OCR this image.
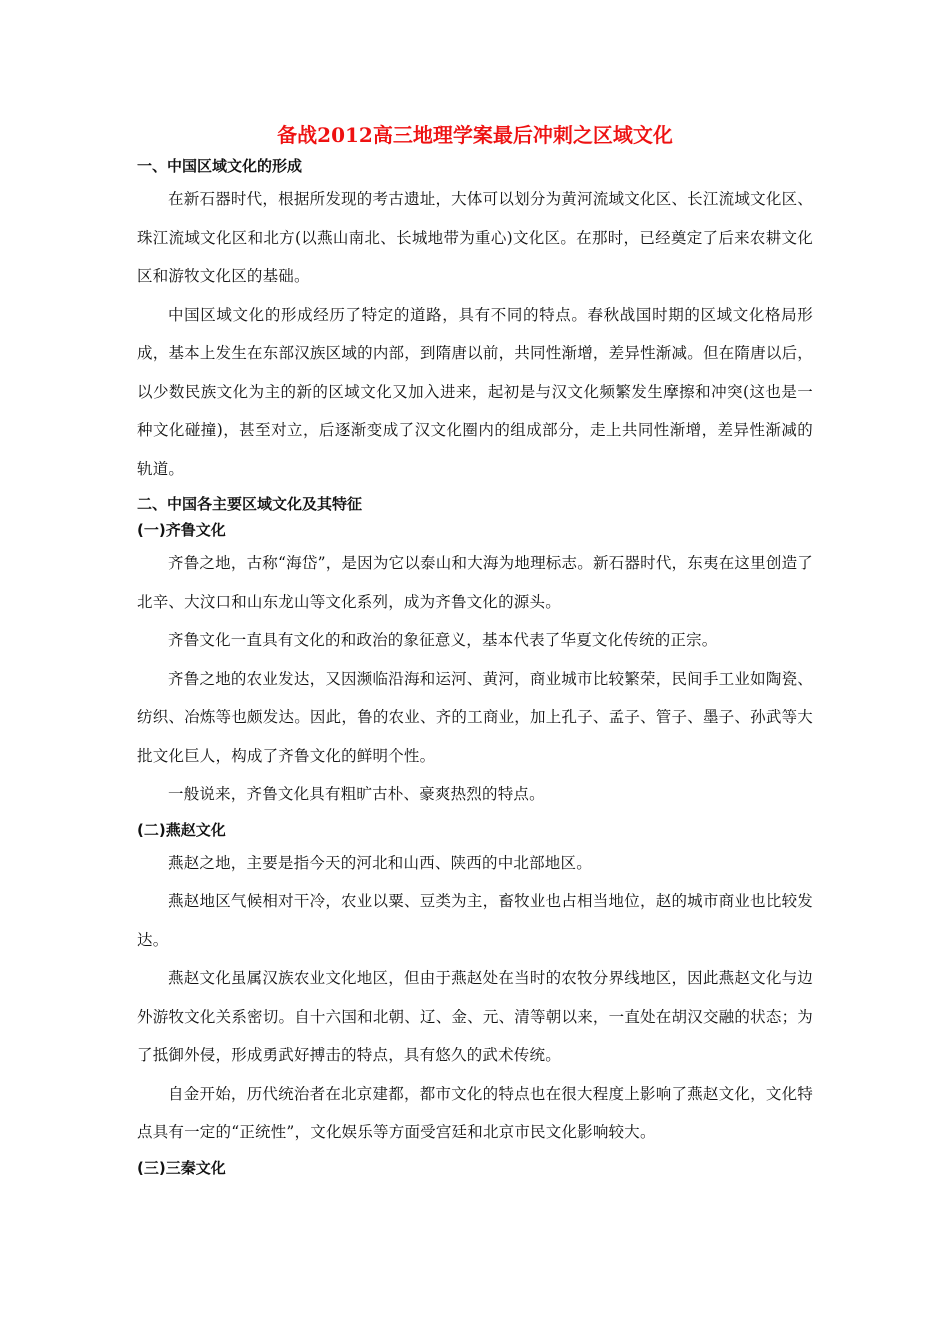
备战2012高三地理学案最后冲刺之区域文化
一、中国区域文化的形成

在新石器时代，根据所发现的考古遗址，大体可以划分为黄河流域文化区、长江流域文化区、珠江流域文化区和北方(以燕山南北、长城地带为重心)文化区。在那时，已经奠定了后来农耕文化区和游牧文化区的基础。

中国区域文化的形成经历了特定的道路，具有不同的特点。春秋战国时期的区域文化格局形成，基本上发生在东部汉族区域的内部，到隋唐以前，共同性渐增，差异性渐减。但在隋唐以后，以少数民族文化为主的新的区域文化又加入进来，起初是与汉文化频繁发生摩擦和冲突(这也是一种文化碰撞)，甚至对立，后逐渐变成了汉文化圈内的组成部分，走上共同性渐增，差异性渐减的轨道。

二、中国各主要区域文化及其特征
(一)齐鲁文化

齐鲁之地，古称“海岱”，是因为它以泰山和大海为地理标志。新石器时代，东夷在这里创造了北辛、大汶口和山东龙山等文化系列，成为齐鲁文化的源头。

齐鲁文化一直具有文化的和政治的象征意义，基本代表了华夏文化传统的正宗。

齐鲁之地的农业发达，又因濒临沿海和运河、黄河，商业城市比较繁荣，民间手工业如陶瓷、纺织、冶炼等也颇发达。因此，鲁的农业、齐的工商业，加上孔子、孟子、管子、墨子、孙武等大批文化巨人，构成了齐鲁文化的鲜明个性。

一般说来，齐鲁文化具有粗旷古朴、豪爽热烈的特点。

(二)燕赵文化

燕赵之地，主要是指今天的河北和山西、陕西的中北部地区。

燕赵地区气候相对干冷，农业以粟、豆类为主，畜牧业也占相当地位，赵的城市商业也比较发达。

燕赵文化虽属汉族农业文化地区，但由于燕赵处在当时的农牧分界线地区，因此燕赵文化与边外游牧文化关系密切。自十六国和北朝、辽、金、元、清等朝以来，一直处在胡汉交融的状态；为了抵御外侵，形成勇武好搏击的特点，具有悠久的武术传统。

自金开始，历代统治者在北京建都，都市文化的特点也在很大程度上影响了燕赵文化，文化特点具有一定的“正统性”，文化娱乐等方面受宫廷和北京市民文化影响较大。

(三)三秦文化
